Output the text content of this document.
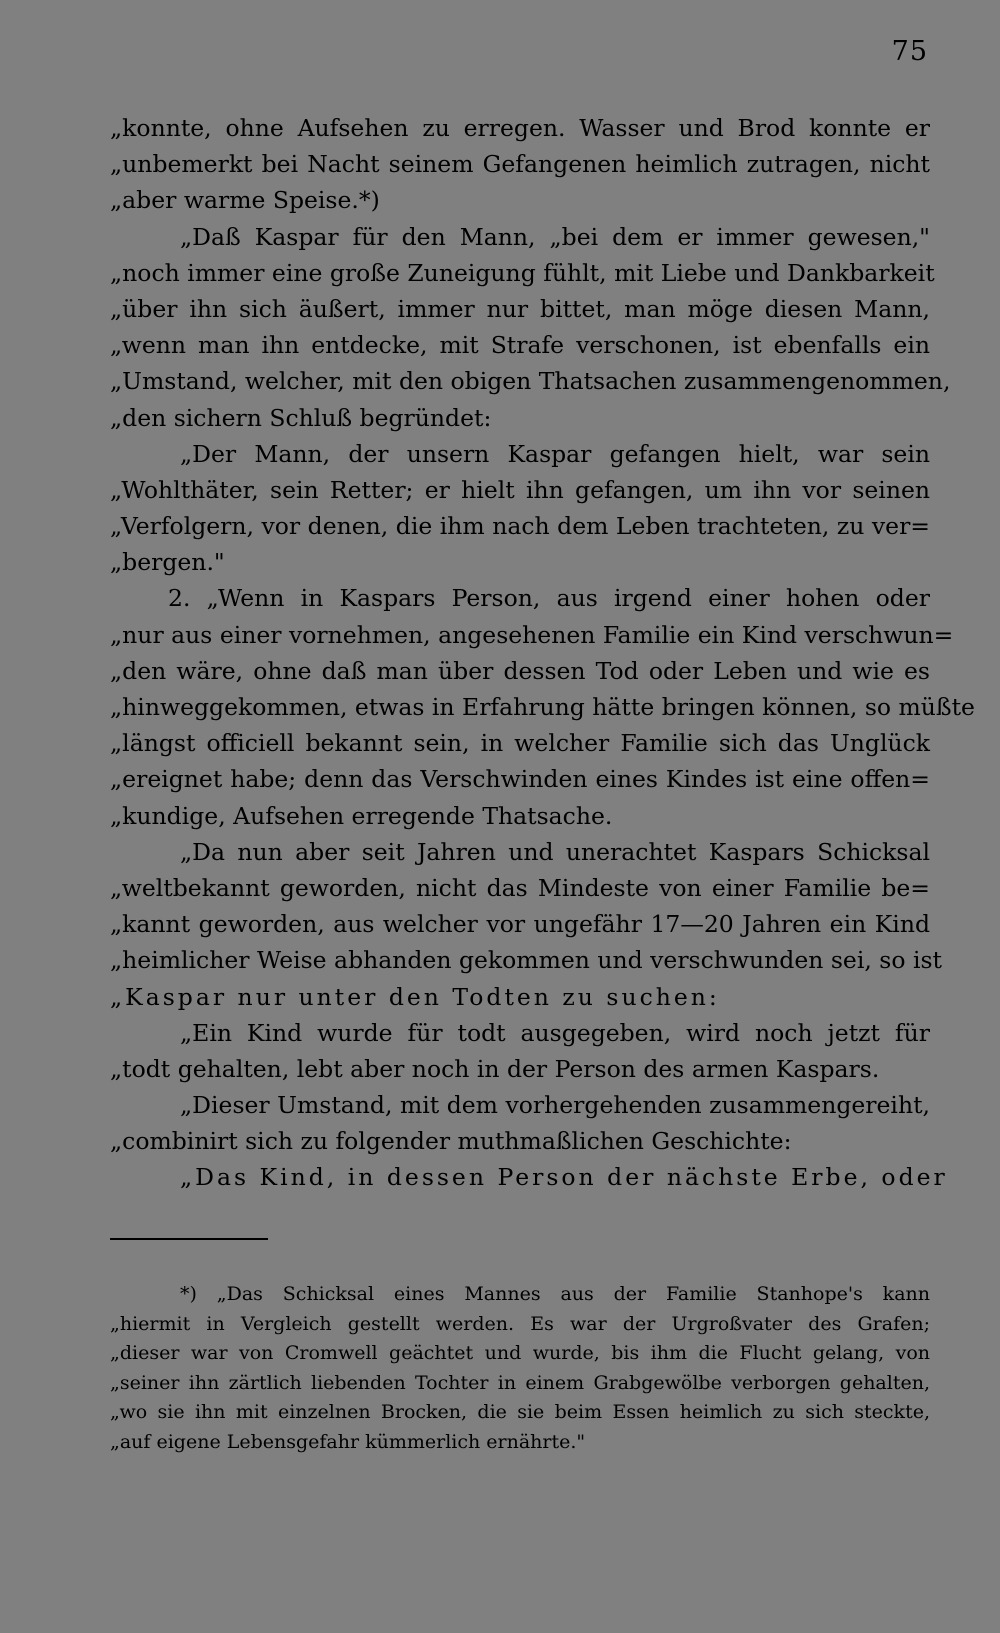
75
„konnte, ohne Aufsehen zu erregen. Wasser und Brod konnte er
„unbemerkt bei Nacht seinem Gefangenen heimlich zutragen, nicht
„aber warme Speise.*)
„Daß Kaspar für den Mann, „bei dem er immer gewesen,"
„noch immer eine große Zuneigung fühlt, mit Liebe und Dankbarkeit
„über ihn sich äußert, immer nur bittet, man möge diesen Mann,
„wenn man ihn entdecke, mit Strafe verschonen, ist ebenfalls ein
„Umstand, welcher, mit den obigen Thatsachen zusammengenommen,
„den sichern Schluß begründet:
„Der Mann, der unsern Kaspar gefangen hielt, war sein
„Wohlthäter, sein Retter; er hielt ihn gefangen, um ihn vor seinen
„Verfolgern, vor denen, die ihm nach dem Leben trachteten, zu ver=
„bergen."
2. „Wenn in Kaspars Person, aus irgend einer hohen oder
„nur aus einer vornehmen, angesehenen Familie ein Kind verschwun=
„den wäre, ohne daß man über dessen Tod oder Leben und wie es
„hinweggekommen, etwas in Erfahrung hätte bringen können, so müßte
„längst officiell bekannt sein, in welcher Familie sich das Unglück
„ereignet habe; denn das Verschwinden eines Kindes ist eine offen=
„kundige, Aufsehen erregende Thatsache.
„Da nun aber seit Jahren und unerachtet Kaspars Schicksal
„weltbekannt geworden, nicht das Mindeste von einer Familie be=
„kannt geworden, aus welcher vor ungefähr 17—20 Jahren ein Kind
„heimlicher Weise abhanden gekommen und verschwunden sei, so ist
„Kaspar nur unter den Todten zu suchen:
„Ein Kind wurde für todt ausgegeben, wird noch jetzt für
„todt gehalten, lebt aber noch in der Person des armen Kaspars.
„Dieser Umstand, mit dem vorhergehenden zusammengereiht,
„combinirt sich zu folgender muthmaßlichen Geschichte:
„Das Kind, in dessen Person der nächste Erbe, oder
*) „Das Schicksal eines Mannes aus der Familie Stanhope's kann
„hiermit in Vergleich gestellt werden. Es war der Urgroßvater des Grafen;
„dieser war von Cromwell geächtet und wurde, bis ihm die Flucht gelang, von
„seiner ihn zärtlich liebenden Tochter in einem Grabgewölbe verborgen gehalten,
„wo sie ihn mit einzelnen Brocken, die sie beim Essen heimlich zu sich steckte,
„auf eigene Lebensgefahr kümmerlich ernährte."
